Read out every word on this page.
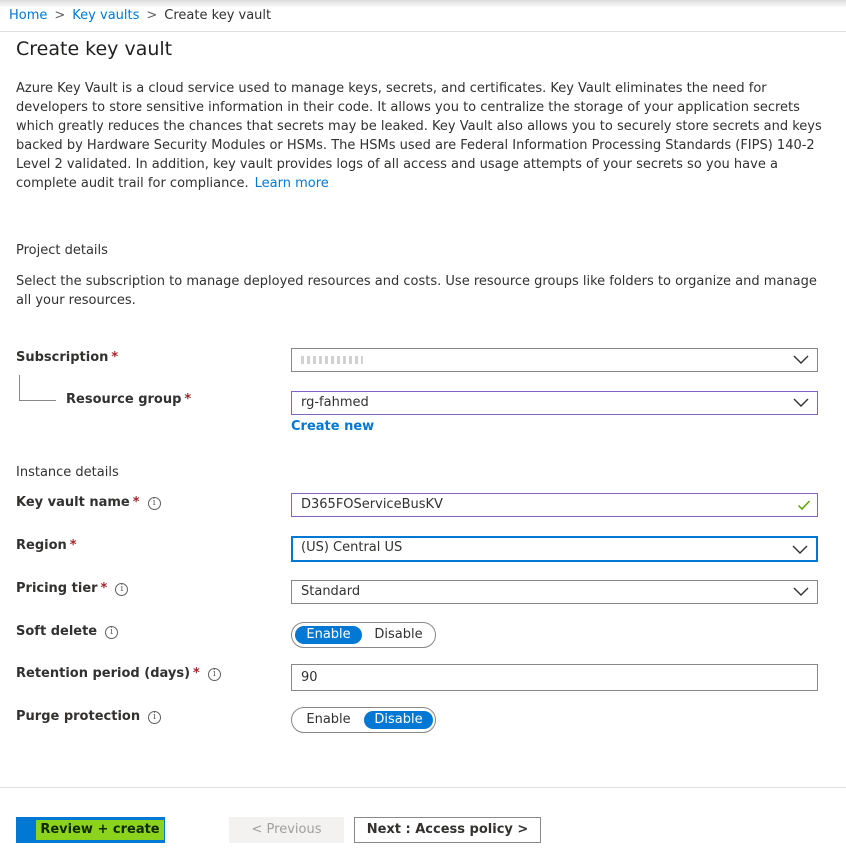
Home > Key vaults > Create key vault
Create key vault
Azure Key Vault is a cloud service used to manage keys, secrets, and certificates. Key Vault eliminates the need for developers to store sensitive information in their code. It allows you to centralize the storage of your application secrets which greatly reduces the chances that secrets may be leaked. Key Vault also allows you to securely store secrets and keys backed by Hardware Security Modules or HSMs. The HSMs used are Federal Information Processing Standards (FIPS) 140-2 Level 2 validated. In addition, key vault provides logs of all access and usage attempts of your secrets so you have a complete audit trail for compliance. Learn more
Project details
Select the subscription to manage deployed resources and costs. Use resource groups like folders to organize and manage all your resources.
Subscription *
Resource group *	rg-fahmed
Create new
Instance details
Key vault name * i	D365FOServiceBusKV
Region *	(US) Central US
Pricing tier * i	Standard
Soft delete i	Enable	Disable
Retention period (days) * i	90
Purge protection i	Enable	Disable
Review + create	< Previous	Next : Access policy >
